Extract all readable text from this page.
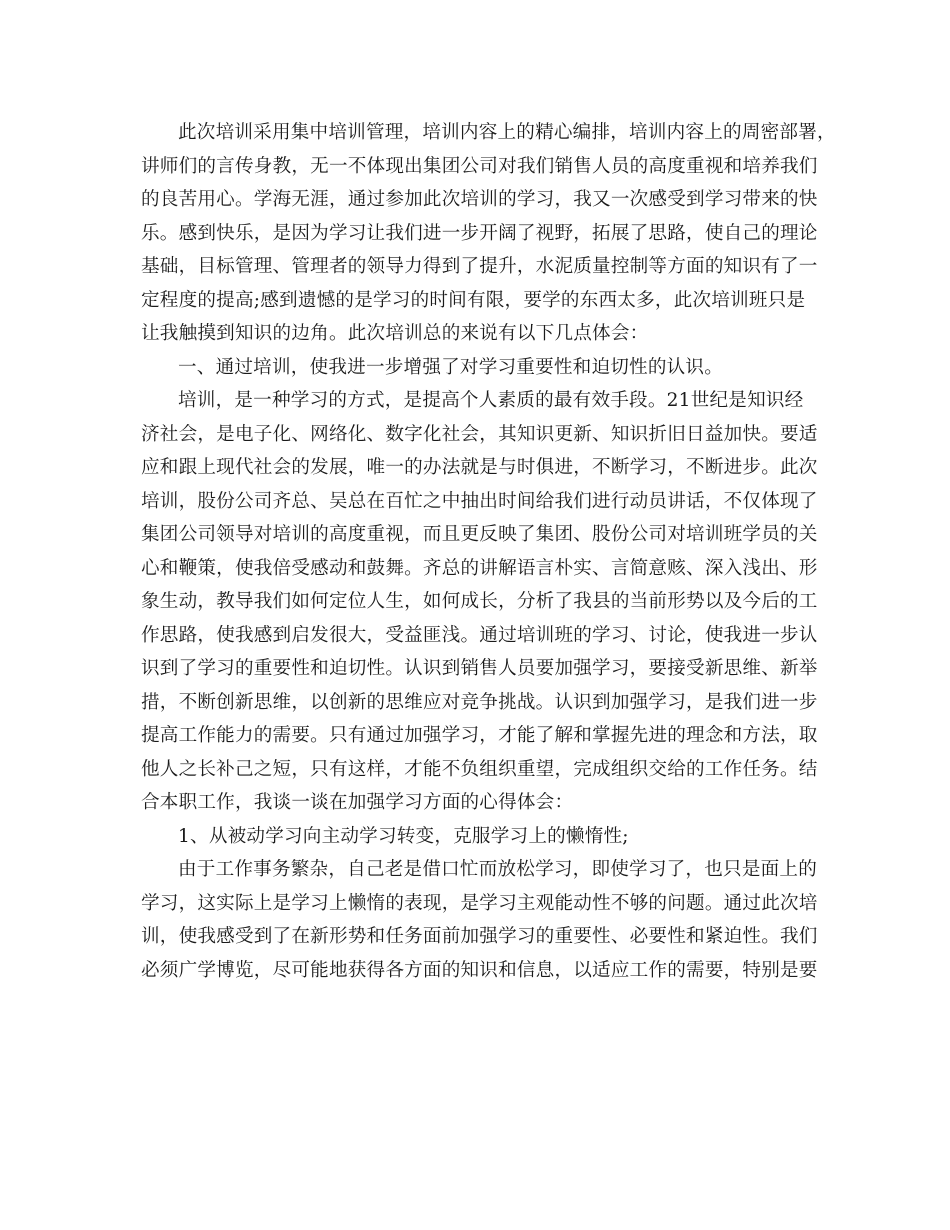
此次培训采用集中培训管理，培训内容上的精心编排，培训内容上的周密部署，
讲师们的言传身教，无一不体现出集团公司对我们销售人员的高度重视和培养我们
的良苦用心。学海无涯，通过参加此次培训的学习，我又一次感受到学习带来的快
乐。感到快乐，是因为学习让我们进一步开阔了视野，拓展了思路，使自己的理论
基础，目标管理、管理者的领导力得到了提升，水泥质量控制等方面的知识有了一
定程度的提高;感到遗憾的是学习的时间有限，要学的东西太多，此次培训班只是
让我触摸到知识的边角。此次培训总的来说有以下几点体会：
一、通过培训，使我进一步增强了对学习重要性和迫切性的认识。
培训，是一种学习的方式，是提高个人素质的最有效手段。21世纪是知识经
济社会，是电子化、网络化、数字化社会，其知识更新、知识折旧日益加快。要适
应和跟上现代社会的发展，唯一的办法就是与时俱进，不断学习，不断进步。此次
培训，股份公司齐总、吴总在百忙之中抽出时间给我们进行动员讲话，不仅体现了
集团公司领导对培训的高度重视，而且更反映了集团、股份公司对培训班学员的关
心和鞭策，使我倍受感动和鼓舞。齐总的讲解语言朴实、言简意赅、深入浅出、形
象生动，教导我们如何定位人生，如何成长，分析了我县的当前形势以及今后的工
作思路，使我感到启发很大，受益匪浅。通过培训班的学习、讨论，使我进一步认
识到了学习的重要性和迫切性。认识到销售人员要加强学习，要接受新思维、新举
措，不断创新思维，以创新的思维应对竞争挑战。认识到加强学习，是我们进一步
提高工作能力的需要。只有通过加强学习，才能了解和掌握先进的理念和方法，取
他人之长补己之短，只有这样，才能不负组织重望，完成组织交给的工作任务。结
合本职工作，我谈一谈在加强学习方面的心得体会：
1、从被动学习向主动学习转变，克服学习上的懒惰性;
由于工作事务繁杂，自己老是借口忙而放松学习，即使学习了，也只是面上的
学习，这实际上是学习上懒惰的表现，是学习主观能动性不够的问题。通过此次培
训，使我感受到了在新形势和任务面前加强学习的重要性、必要性和紧迫性。我们
必须广学博览，尽可能地获得各方面的知识和信息，以适应工作的需要，特别是要
